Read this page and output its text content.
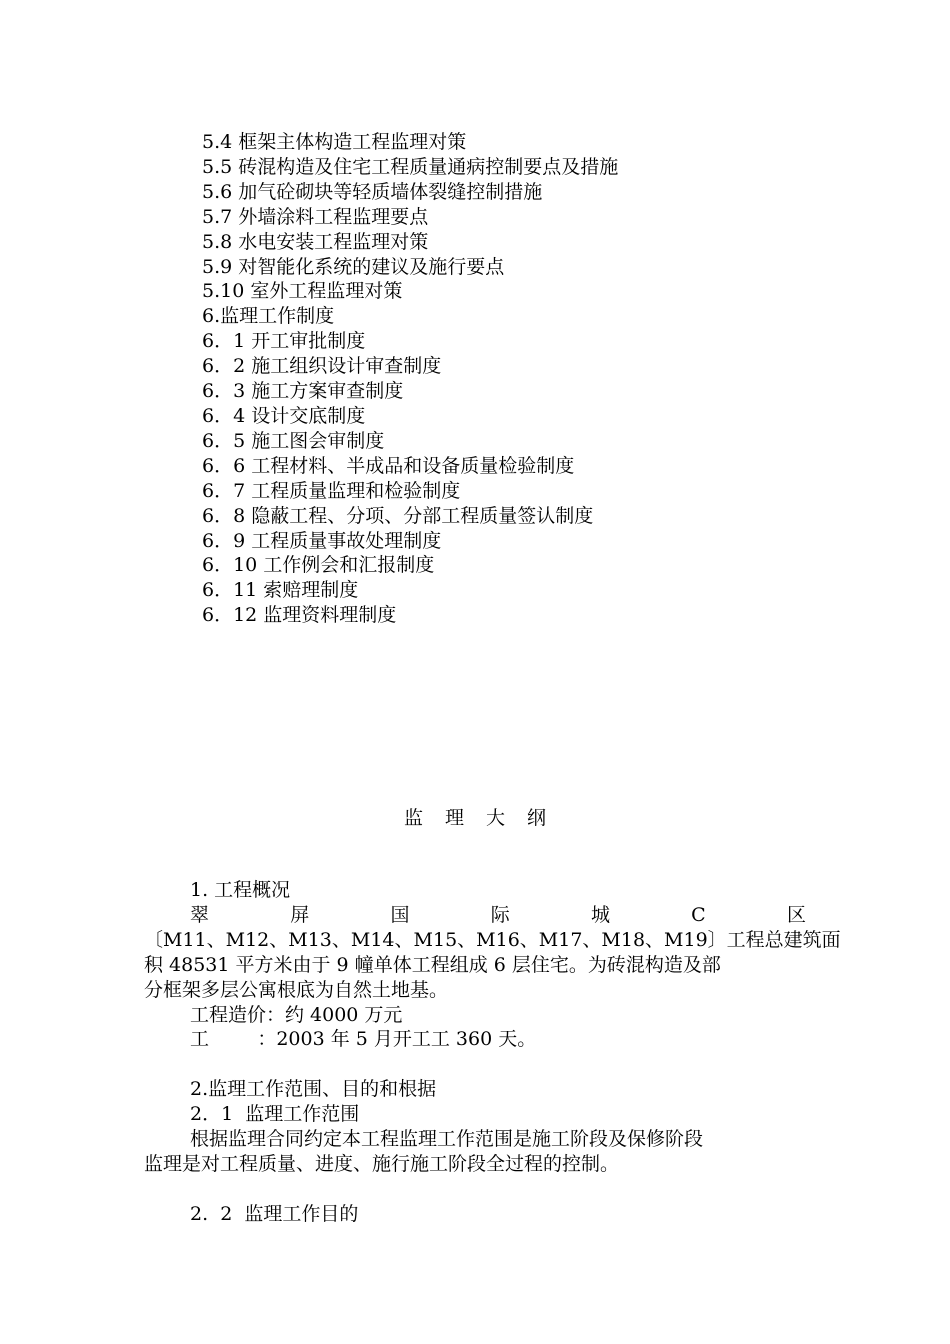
5.4 框架主体构造工程监理对策
5.5 砖混构造及住宅工程质量通病控制要点及措施
5.6 加气砼砌块等轻质墙体裂缝控制措施
5.7 外墙涂料工程监理要点
5.8 水电安装工程监理对策
5.9 对智能化系统的建议及施行要点
5.10 室外工程监理对策
6.监理工作制度
6．1 开工审批制度
6．2 施工组织设计审查制度
6．3 施工方案审查制度
6．4 设计交底制度
6．5 施工图会审制度
6．6 工程材料、半成品和设备质量检验制度
6．7 工程质量监理和检验制度
6．8 隐蔽工程、分项、分部工程质量签认制度
6．9 工程质量事故处理制度
6．10 工作例会和汇报制度
6．11 索赔理制度
6．12 监理资料理制度
监理大纲
1. 工程概况
翠	屏	国	际	城	C	区
〔M11、M12、M13、M14、M15、M16、M17、M18、M19〕工程总建筑面
积 48531 平方米由于 9 幢单体工程组成 6 层住宅。为砖混构造及部
分框架多层公寓根底为自然土地基。
工程造价：约 4000 万元
工        ：2003 年 5 月开工工 360 天。
2.监理工作范围、目的和根据
2．1  监理工作范围
根据监理合同约定本工程监理工作范围是施工阶段及保修阶段
监理是对工程质量、进度、施行施工阶段全过程的控制。
2.  2  监理工作目的
